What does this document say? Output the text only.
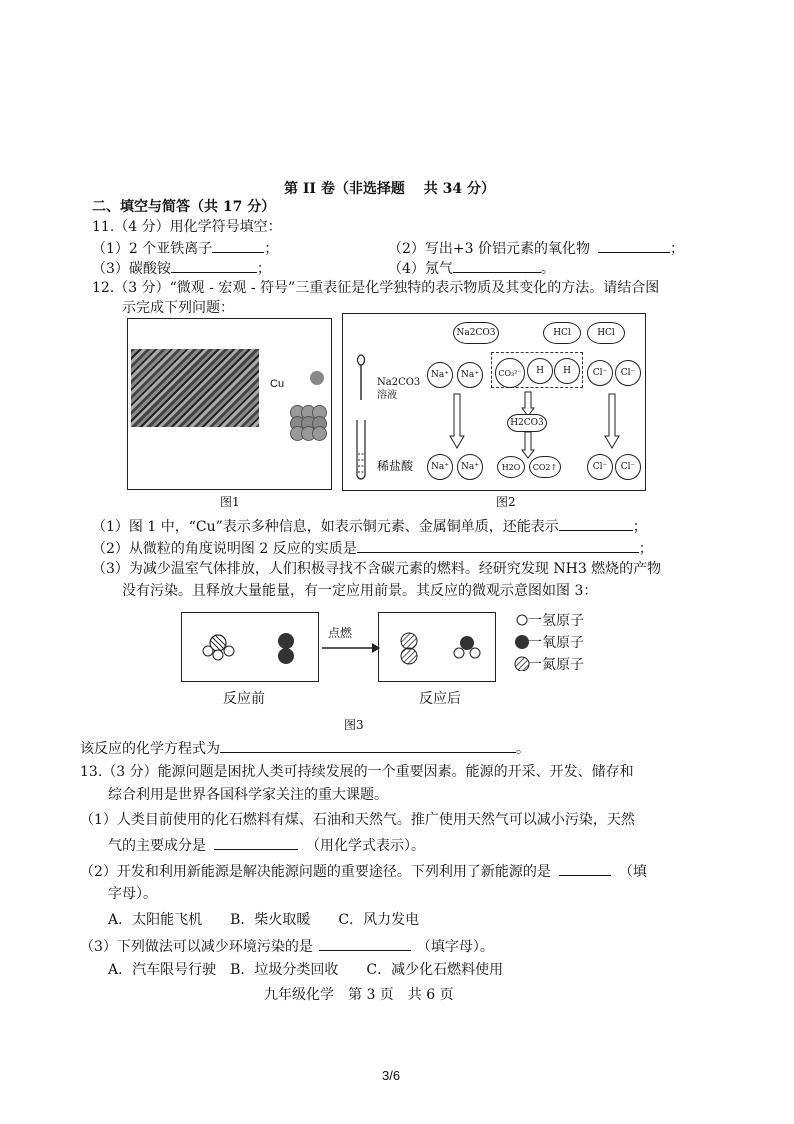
第 II 卷（非选择题 　共 34 分）
二、填空与简答（共 17 分）
11.（4 分）用化学符号填空：
（1）2 个亚铁离子	；	（2）写出+3 价铝元素的氧化物	；
（3）碳酸铵	；	（4）氖气	。
12.（3 分）“微观 - 宏观 - 符号”三重表征是化学独特的表示物质及其变化的方法。请结合图
示完成下列问题：
Cu
图1
Na2CO3
溶液
稀盐酸
Na2CO3	HCl	HCl
Na⁺	Na⁺	CO₃²⁻	H	H	Cl⁻	Cl⁻
H2CO3
Na⁺	Na⁺	H2O	CO2↑	Cl⁻	Cl⁻
图2
（1）图 1 中，“Cu”表示多种信息，如表示铜元素、金属铜单质，还能表示	；
（2）从微粒的角度说明图 2 反应的实质是	；
（3）为减少温室气体排放，人们积极寻找不含碳元素的燃料。经研究发现 NH3 燃烧的产物
没有污染。且释放大量能量，有一定应用前景。其反应的微观示意图如图 3：
点燃
反应前	反应后
图3
一氢原子
一氧原子
一氮原子
该反应的化学方程式为	。
13.（3 分）能源问题是困扰人类可持续发展的一个重要因素。能源的开采、开发、储存和
综合利用是世界各国科学家关注的重大课题。
（1）人类目前使用的化石燃料有煤、石油和天然气。推广使用天然气可以减小污染，天然
气的主要成分是	（用化学式表示）。
（2）开发和利用新能源是解决能源问题的重要途径。下列利用了新能源的是	（填
字母）。
A．太阳能飞机　　B．柴火取暖　　C．风力发电
（3）下列做法可以减少环境污染的是	（填字母）。
A．汽车限号行驶　B．垃圾分类回收　　C．减少化石燃料使用
九年级化学　第 3 页　共 6 页
3/6
